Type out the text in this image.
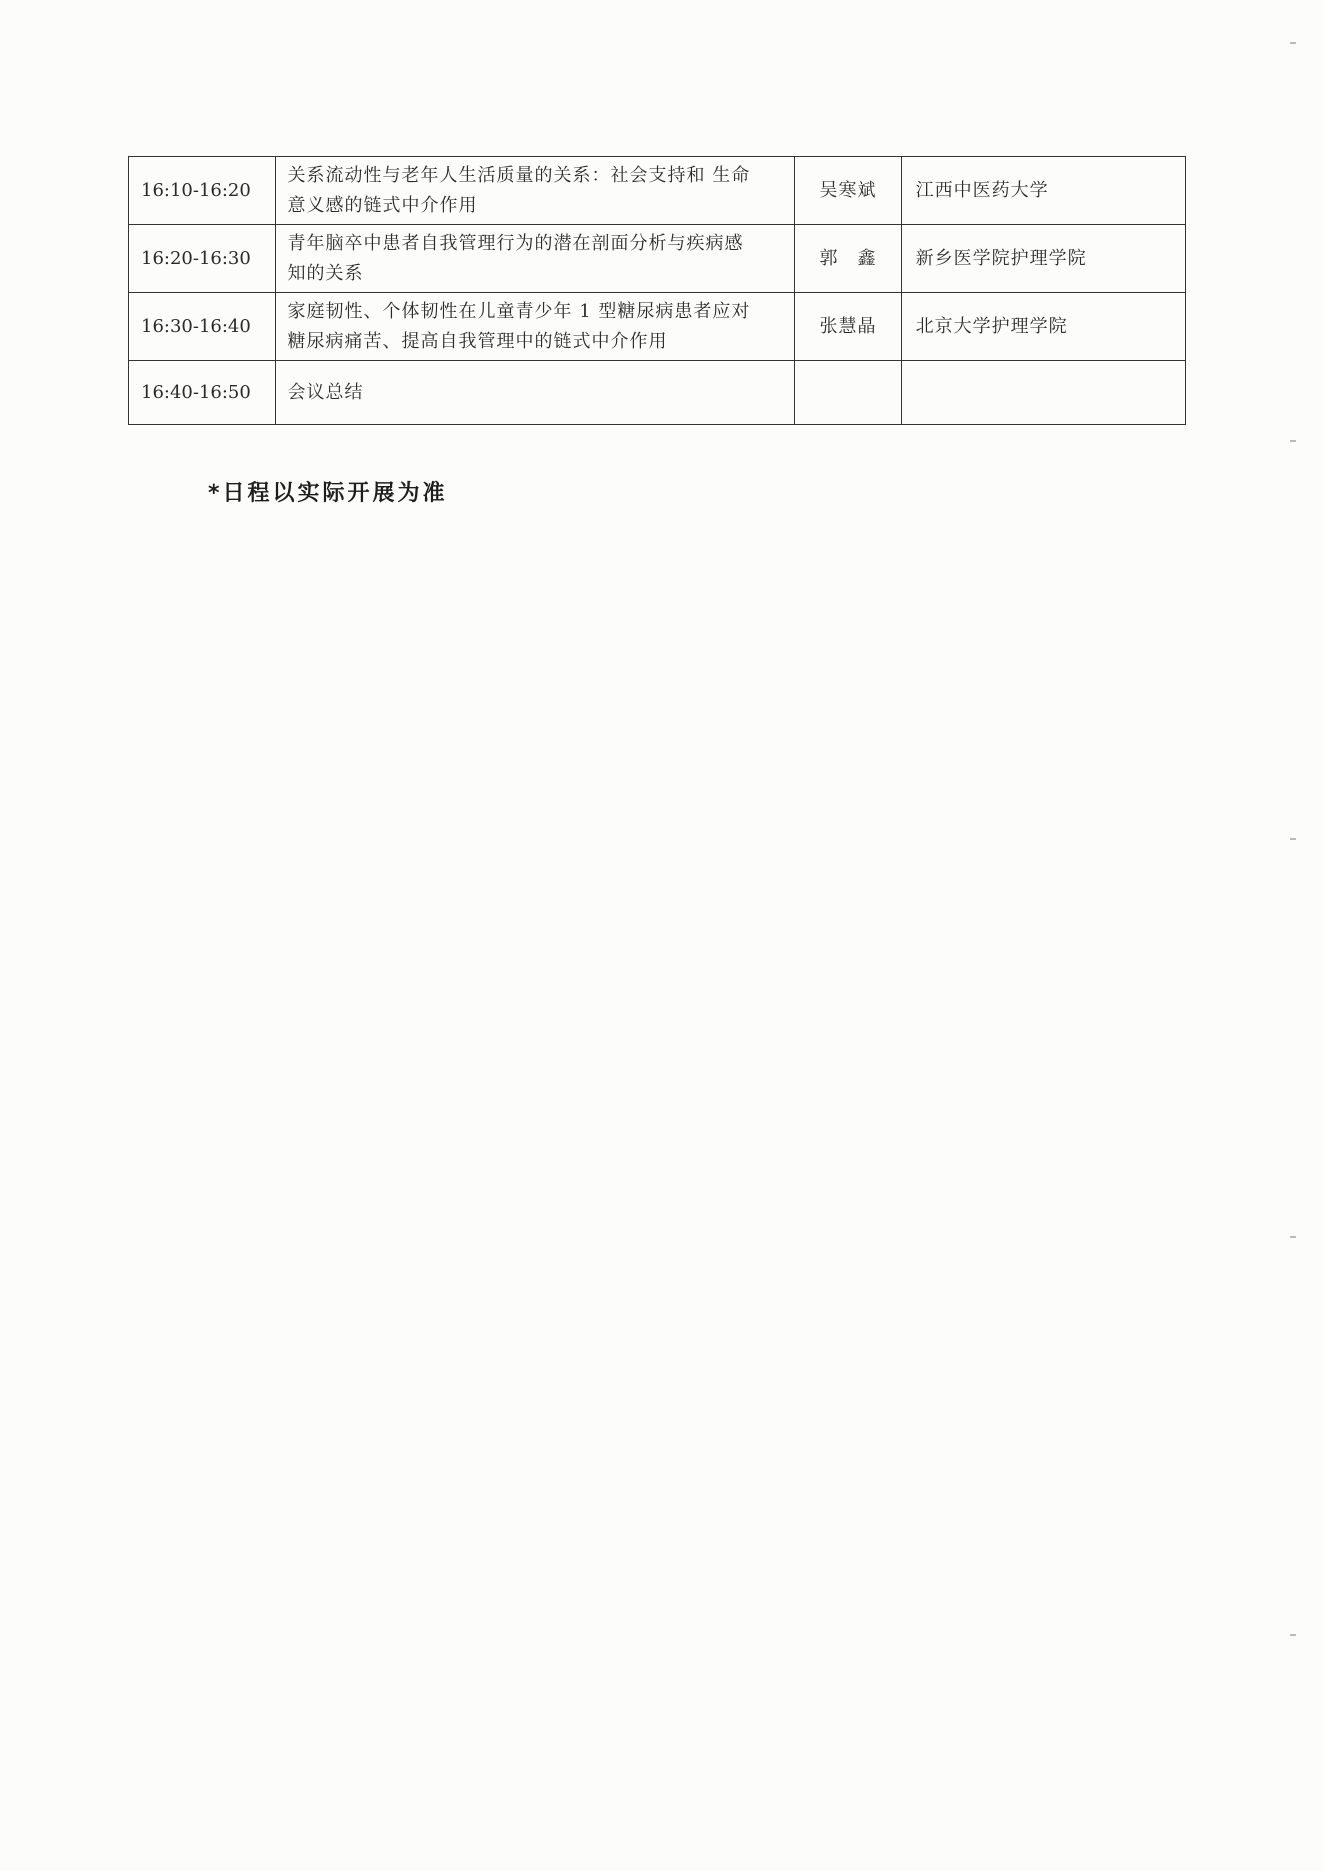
16:10-16:20	关系流动性与老年人生活质量的关系：社会支持和 生命
意义感的链式中介作用	吴寒斌	江西中医药大学
16:20-16:30	青年脑卒中患者自我管理行为的潜在剖面分析与疾病感
知的关系	郭　鑫	新乡医学院护理学院
16:30-16:40	家庭韧性、个体韧性在儿童青少年 1 型糖尿病患者应对
糖尿病痛苦、提高自我管理中的链式中介作用	张慧晶	北京大学护理学院
16:40-16:50	会议总结		

*日程以实际开展为准
